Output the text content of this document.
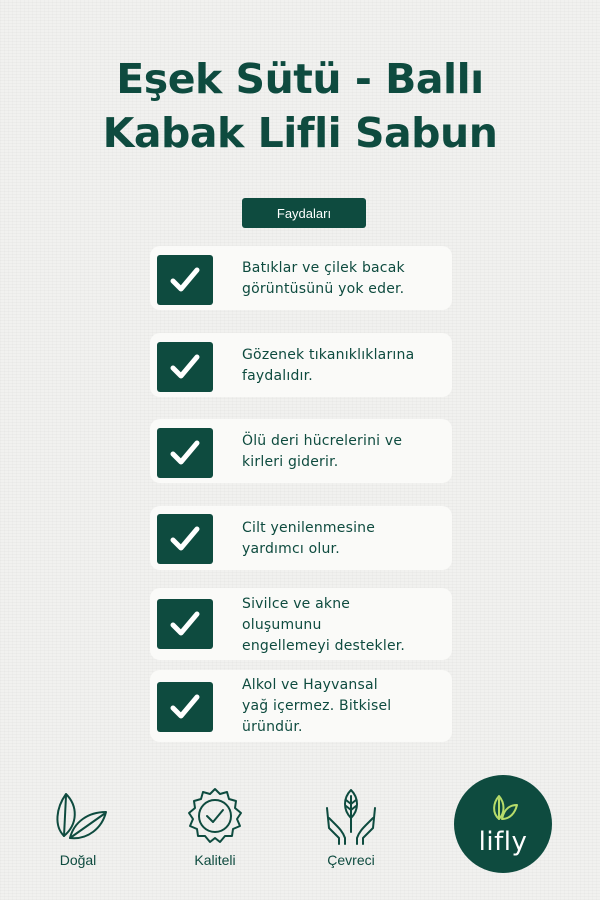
Eşek Sütü - Ballı
Kabak Lifli Sabun
Faydaları
Batıklar ve çilek bacak
görüntüsünü yok eder.
Gözenek tıkanıklıklarına
faydalıdır.
Ölü deri hücrelerini ve
kirleri giderir.
Cilt yenilenmesine
yardımcı olur.
Sivilce ve akne
oluşumunu
engellemeyi destekler.
Alkol ve Hayvansal
yağ içermez. Bitkisel
üründür.
Doğal	Kaliteli	Çevreci
lifly
